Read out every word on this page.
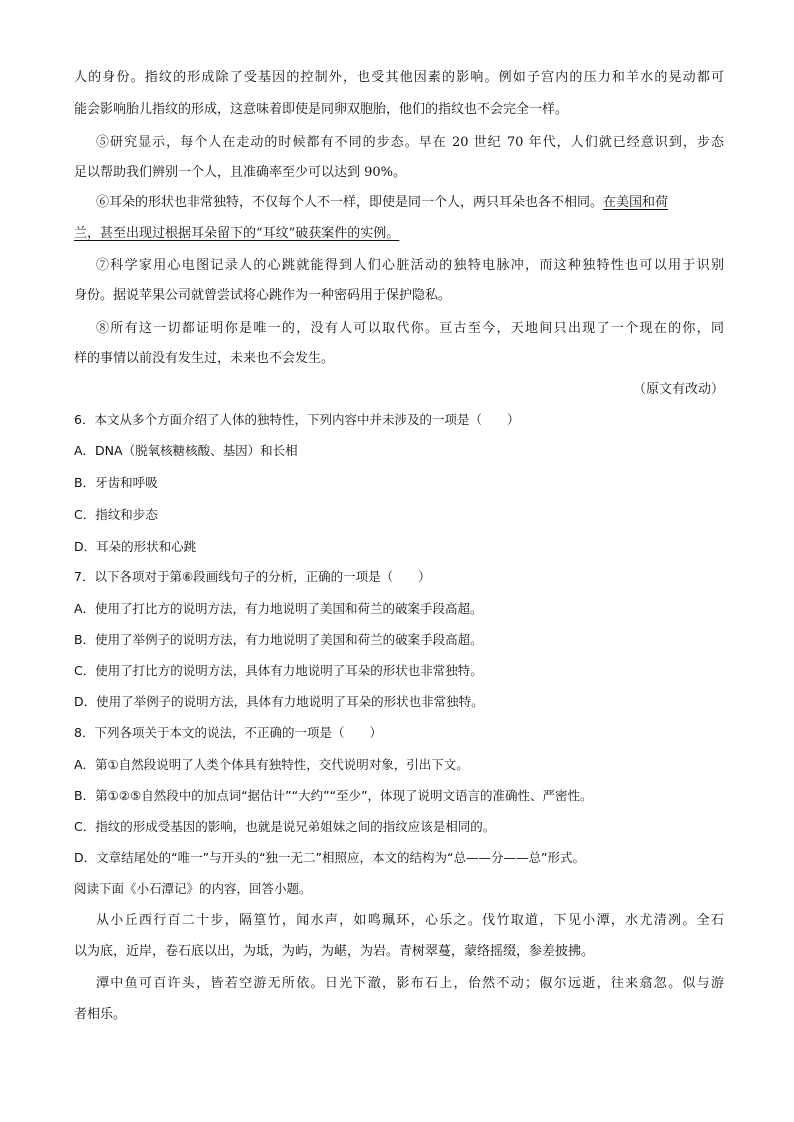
人的身份。指纹的形成除了受基因的控制外，也受其他因素的影响。例如子宫内的压力和羊水的晃动都可
能会影响胎儿指纹的形成，这意味着即使是同卵双胞胎，他们的指纹也不会完全一样。
⑤研究显示，每个人在走动的时候都有不同的步态。早在 20 世纪 70 年代，人们就已经意识到，步态
足以帮助我们辨别一个人，且准确率至少可以达到 90%。
⑥耳朵的形状也非常独特，不仅每个人不一样，即使是同一个人，两只耳朵也各不相同。在美国和荷
兰，甚至出现过根据耳朵留下的“耳纹”破获案件的实例。
⑦科学家用心电图记录人的心跳就能得到人们心脏活动的独特电脉冲，而这种独特性也可以用于识别
身份。据说苹果公司就曾尝试将心跳作为一种密码用于保护隐私。
⑧所有这一切都证明你是唯一的，没有人可以取代你。亘古至今，天地间只出现了一个现在的你，同
样的事情以前没有发生过，未来也不会发生。
（原文有改动）
6．本文从多个方面介绍了人体的独特性，下列内容中并未涉及的一项是（　　）
A．DNA（脱氧核糖核酸、基因）和长相
B．牙齿和呼吸
C．指纹和步态
D．耳朵的形状和心跳
7．以下各项对于第⑥段画线句子的分析，正确的一项是（　　）
A．使用了打比方的说明方法，有力地说明了美国和荷兰的破案手段高超。
B．使用了举例子的说明方法，有力地说明了美国和荷兰的破案手段高超。
C．使用了打比方的说明方法，具体有力地说明了耳朵的形状也非常独特。
D．使用了举例子的说明方法，具体有力地说明了耳朵的形状也非常独特。
8．下列各项关于本文的说法，不正确的一项是（　　）
A．第①自然段说明了人类个体具有独特性，交代说明对象，引出下文。
B．第①②⑤自然段中的加点词“据估计”“大约”“至少”，体现了说明文语言的准确性、严密性。
C．指纹的形成受基因的影响，也就是说兄弟姐妹之间的指纹应该是相同的。
D．文章结尾处的“唯一”与开头的“独一无二”相照应，本文的结构为“总——分——总”形式。
阅读下面《小石潭记》的内容，回答小题。
从小丘西行百二十步，隔篁竹，闻水声，如鸣珮环，心乐之。伐竹取道，下见小潭，水尤清冽。全石
以为底，近岸，卷石底以出，为坻，为屿，为嵁，为岩。青树翠蔓，蒙络摇缀，参差披拂。
潭中鱼可百许头，皆若空游无所依。日光下澈，影布石上，佁然不动；俶尔远逝，往来翕忽。似与游
者相乐。
